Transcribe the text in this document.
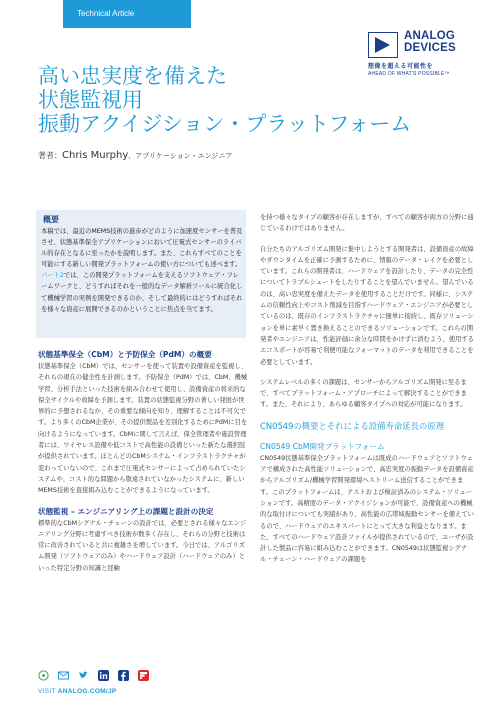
Technical Article
ANALOG
DEVICES
想像を超える可能性を
AHEAD OF WHAT'S POSSIBLE™
高い忠実度を備えた
状態監視用
振動アクイジション・プラットフォーム
著者：Chris Murphy、アプリケーション・エンジニア
概要
本稿では、最近のMEMS技術の進歩がどのように加速度センサーを普及させ、状態基準保全アプリケーションにおいて圧電式センサーのライバル的存在となるに至ったかを説明します。また、これらすべてのことを可能にする新しい開発プラットフォームの使い方についても述べます。パート2では、この開発プラットフォームを支えるソフトウェア・フレームワークと、どうすればそれを一般的なデータ解析ツールに統合化して機械学習の実例を開発できるのか、そして最終的にはどうすればそれを様々な資産に展開できるのかということに焦点を当てます。
状態基準保全（CbM）と予防保全（PdM）の概要

状態基準保全（CbM）では、センサーを使って装置や設備資産を監視し、それらの現在の健全性を計測します。予防保全（PdM）では、CbM、機械学習、分析手法といった技術を組み合わせて使用し、設備資産の将来的な保全サイクルや故障を予測します。装置の状態監視分野の著しい発展が世界的に予想されるなか、その重要な傾向を知り、理解することは不可欠です。より多くのCbM企業が、その提供製品を差別化するためにPdMに目を向けるようになっています。CbMに関して言えば、保全管理者や施設管理者には、ワイヤレス設備や低コストで高性能の設備といった新たな選択肢が提供されています。ほとんどのCbMシステム・インフラストラクチャが変わっていないので、これまで圧電式センサーによって占められていたシステムや、コスト的な問題から敬遠されていなかったシステムに、新しいMEMS技術を直接組み込むことができるようになっています。

状態監視 – エンジニアリング上の課題と設計の決定

標準的なCbMシグナル・チェーンの設計では、必要とされる様々なエンジニアリング分野に考慮すべき技術が数多く存在し、それらの分野と技術は常に改善されていると共に複雑さを増しています。今日では、アルゴリズム開発（ソフトウェアのみ）やハードウェア設計（ハードウェアのみ）といった特定分野の知識と経験

を持つ様々なタイプの顧客が存在しますが、すべての顧客が両方の分野に通じているわけではありません。

自分たちのアルゴリズム開発に集中しようとする開発者は、設備資産の故障やダウンタイムを正確に予測するために、情報のデータ・レイクを必要としています。これらの開発者は、ハードウェアを設計したり、データの完全性についてトラブルシュートをしたりすることを望んでいません。望んでいるのは、高い忠実度を備えたデータを使用することだけです。同様に、システムの信頼性向上やコスト削減を目指すハードウェア・エンジニアが必要としているのは、既存のインフラストラクチャに簡単に接続し、既存ソリューションを単に素早く置き換えることのできるソリューションです。これらの開発者やエンジニアは、性能評価に余分な時間をかけずに済むよう、使用するエコスポートが容易で利便可能なフォーマットのデータを利用できることを必要としています。

システムレベルの多くの課題は、センサーからアルゴリズム開発に至るまで、すべてプラットフォーム・アプローチによって解決することができます。また、それにより、あらゆる顧客タイプへの対応が可能になります。

CN0549の概要とそれによる設備寿命延長の原理
CN0549 CbM開発プラットフォーム

CN0549状態基準保全プラットフォームは既成のハードウェアとソフトウェアで構成された高性能ソリューションで、高忠実度の振動データを設備資産からアルゴリズム/機械学習開発環境へストリーム送信することができます。このプラットフォームは、テストおよび検証済みのシステム・ソリューションです。高精度のデータ・アクイジションが可能で、設備資産への機械的な取付けについても実績があり、高性能の広帯域振動センサーを備えているので、ハードウェアのエキスパートにとって大きな利益となります。また、すべてのハードウェア設計ファイルが提供されているので、ユーザが設計した製品に容易に組み込むことができます。CN0549は状態監視シグナル・チェーン・ハードウェアの課題を

VISIT ANALOG.COM/JP
